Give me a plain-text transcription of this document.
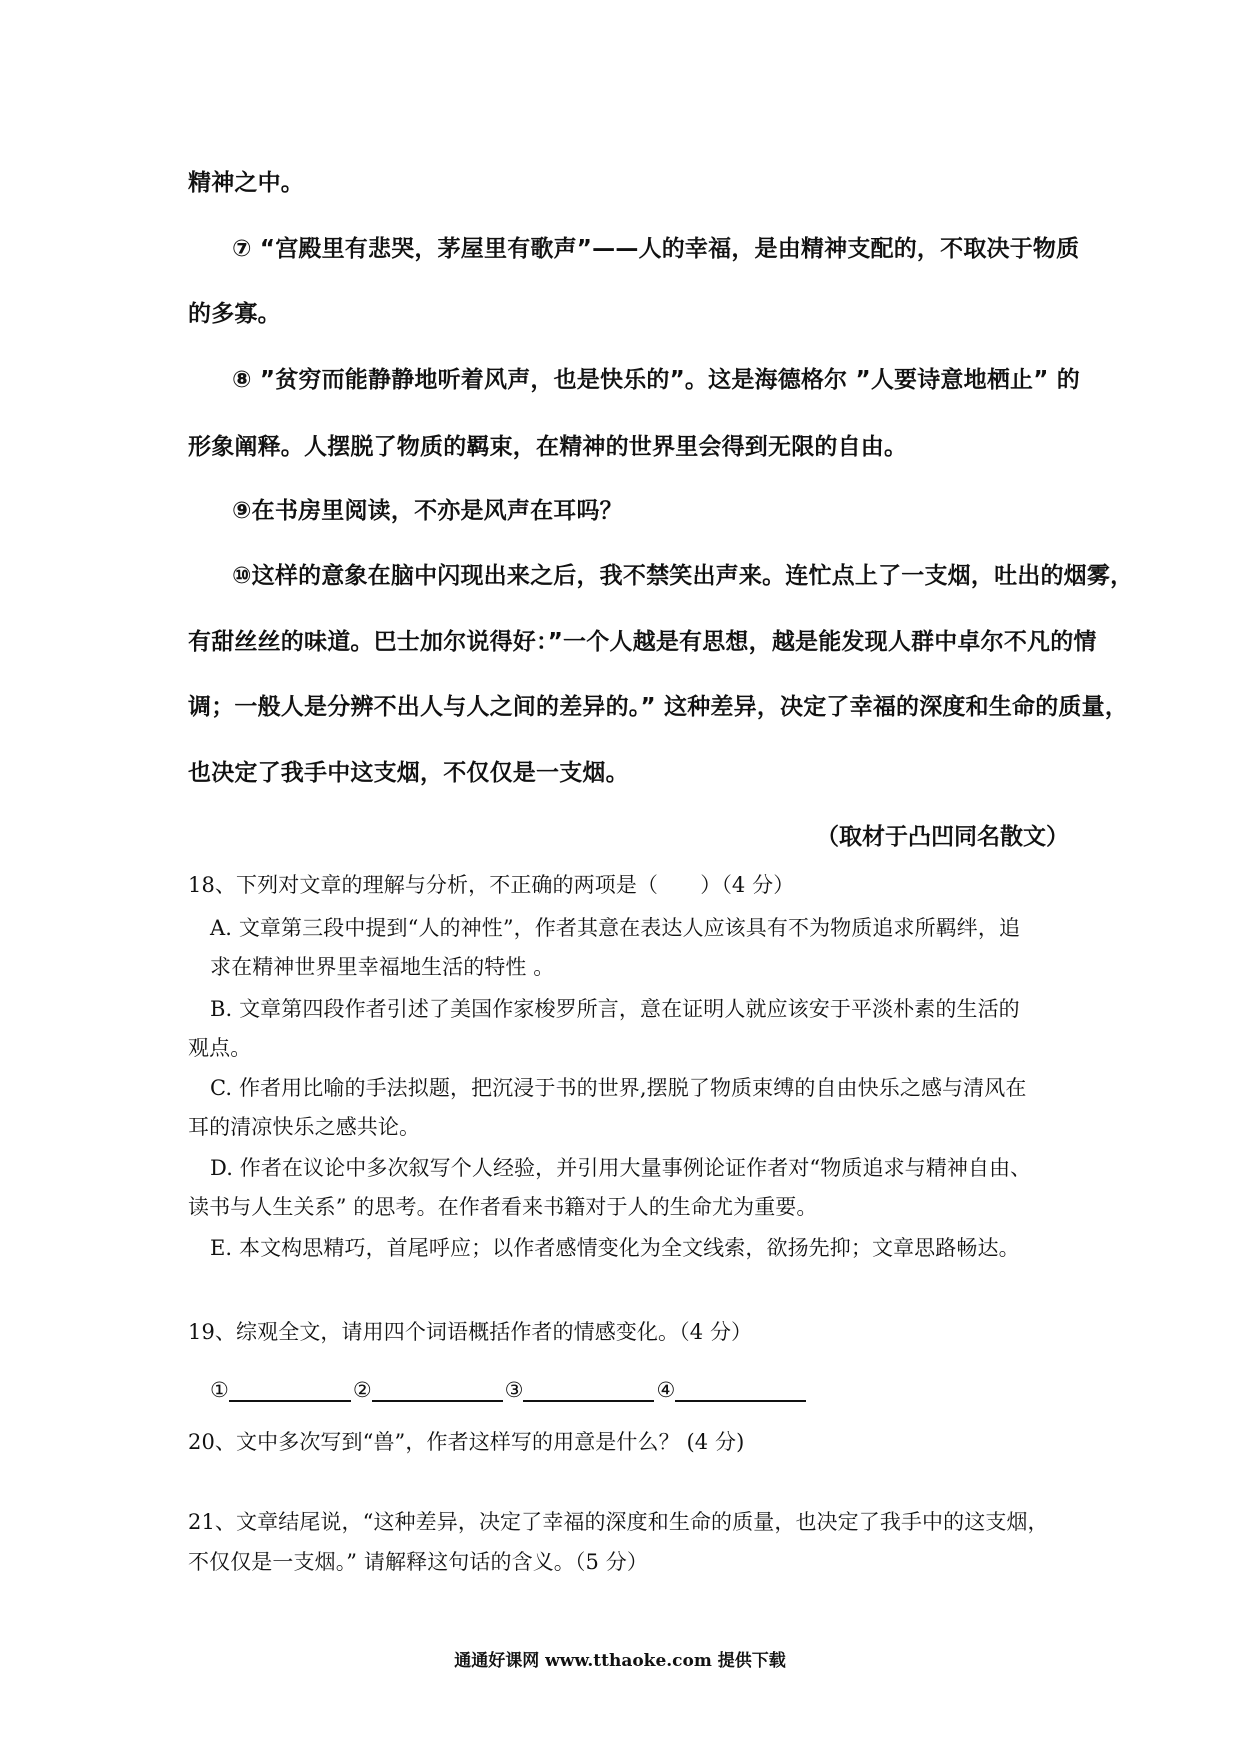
精神之中。
⑦ “宫殿里有悲哭，茅屋里有歌声”——人的幸福，是由精神支配的，不取决于物质
的多寡。
⑧ ”贫穷而能静静地听着风声，也是快乐的”。这是海德格尔 ”人要诗意地栖止” 的
形象阐释。人摆脱了物质的羁束，在精神的世界里会得到无限的自由。
⑨在书房里阅读，不亦是风声在耳吗？
⑩这样的意象在脑中闪现出来之后，我不禁笑出声来。连忙点上了一支烟，吐出的烟雾，
有甜丝丝的味道。巴士加尔说得好：”一个人越是有思想，越是能发现人群中卓尔不凡的情
调；一般人是分辨不出人与人之间的差异的。” 这种差异，决定了幸福的深度和生命的质量，
也决定了我手中这支烟，不仅仅是一支烟。
（取材于凸凹同名散文）
18、下列对文章的理解与分析，不正确的两项是（　　）（4 分）
A. 文章第三段中提到“人的神性”，作者其意在表达人应该具有不为物质追求所羁绊，追
求在精神世界里幸福地生活的特性 。
B. 文章第四段作者引述了美国作家梭罗所言，意在证明人就应该安于平淡朴素的生活的
观点。
C. 作者用比喻的手法拟题，把沉浸于书的世界,摆脱了物质束缚的自由快乐之感与清风在
耳的清凉快乐之感共论。
D. 作者在议论中多次叙写个人经验，并引用大量事例论证作者对“物质追求与精神自由、
读书与人生关系” 的思考。在作者看来书籍对于人的生命尤为重要。
E. 本文构思精巧，首尾呼应；以作者感情变化为全文线索，欲扬先抑；文章思路畅达。
19、综观全文，请用四个词语概括作者的情感变化。（4 分）
①	②	③	④
20、文中多次写到“兽”，作者这样写的用意是什么？ (4 分)
21、文章结尾说，“这种差异，决定了幸福的深度和生命的质量，也决定了我手中的这支烟，
不仅仅是一支烟。” 请解释这句话的含义。（5 分）
通通好课网 www.tthaoke.com 提供下载
